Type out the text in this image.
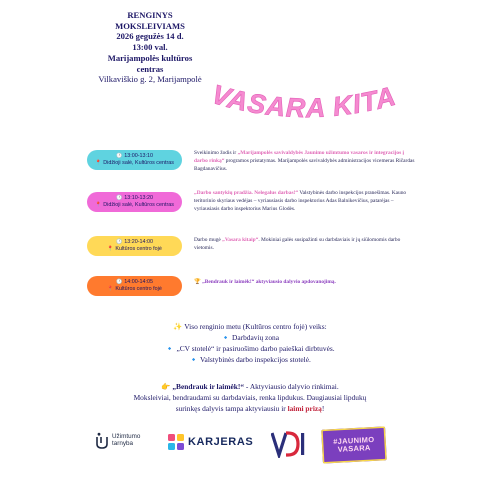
RENGINYS
MOKSLEIVIAMS
2026 gegužės 14 d.
13:00 val.
Marijampolės kultūros
centras
Vilkaviškio g. 2, Marijampolė VASARA KITAIP
🕐 13:00-13:10
📍 Didžioji salė, Kultūros centras
Sveikinimo žodis ir „Marijampolės savivaldybės Jaunimo užimtumo vasaros ir integracijos į darbo rinką“ programos pristatymas. Marijampolės savivaldybės administracijos vicemeras Ričardas Bagdanavičius.
🕐 13:10-13:20
📍 Didžioji salė, Kultūros centras
„Darbo santykių pradžia. Nelegalus darbas!“ Valstybinės darbo inspekcijos pranešimas. Kauno teritorinio skyriaus vedėjas – vyriausiasis darbo inspektorius Adas Balnikevičius, patarėjas – vyriausiasis darbo inspektorius Marius Glodės.
🕐 13:20-14:00
📍 Kultūros centro fojė
Darbo mugė „Vasara kitaip“. Mokiniai galės susipažinti su darbdaviais ir jų siūlomomis darbo vietomis.
🕐 14:00-14:05
📍 Kultūros centro fojė
🏆 „Bendrauk ir laimėk!“ aktyviausio dalyvio apdovanojimą.
✨ Viso renginio metu (Kultūros centro fojė) veiks:
🔹 Darbdavių zona
🔹 „CV stotelė“ ir pasiruošimo darbo paieškai dirbtuvės.
🔹 Valstybinės darbo inspekcijos stotelė.
👉 „Bendrauk ir laimėk!“ - Aktyviausio dalyvio rinkimai.
Moksleiviai, bendraudami su darbdaviais, renka lipdukus. Daugiausiai lipdukų
surinkęs dalyvis tampa aktyviausiu ir laimi prizą!
Užimtumo
tarnyba	KARJERAS	#JAUNIMO
VASARA
